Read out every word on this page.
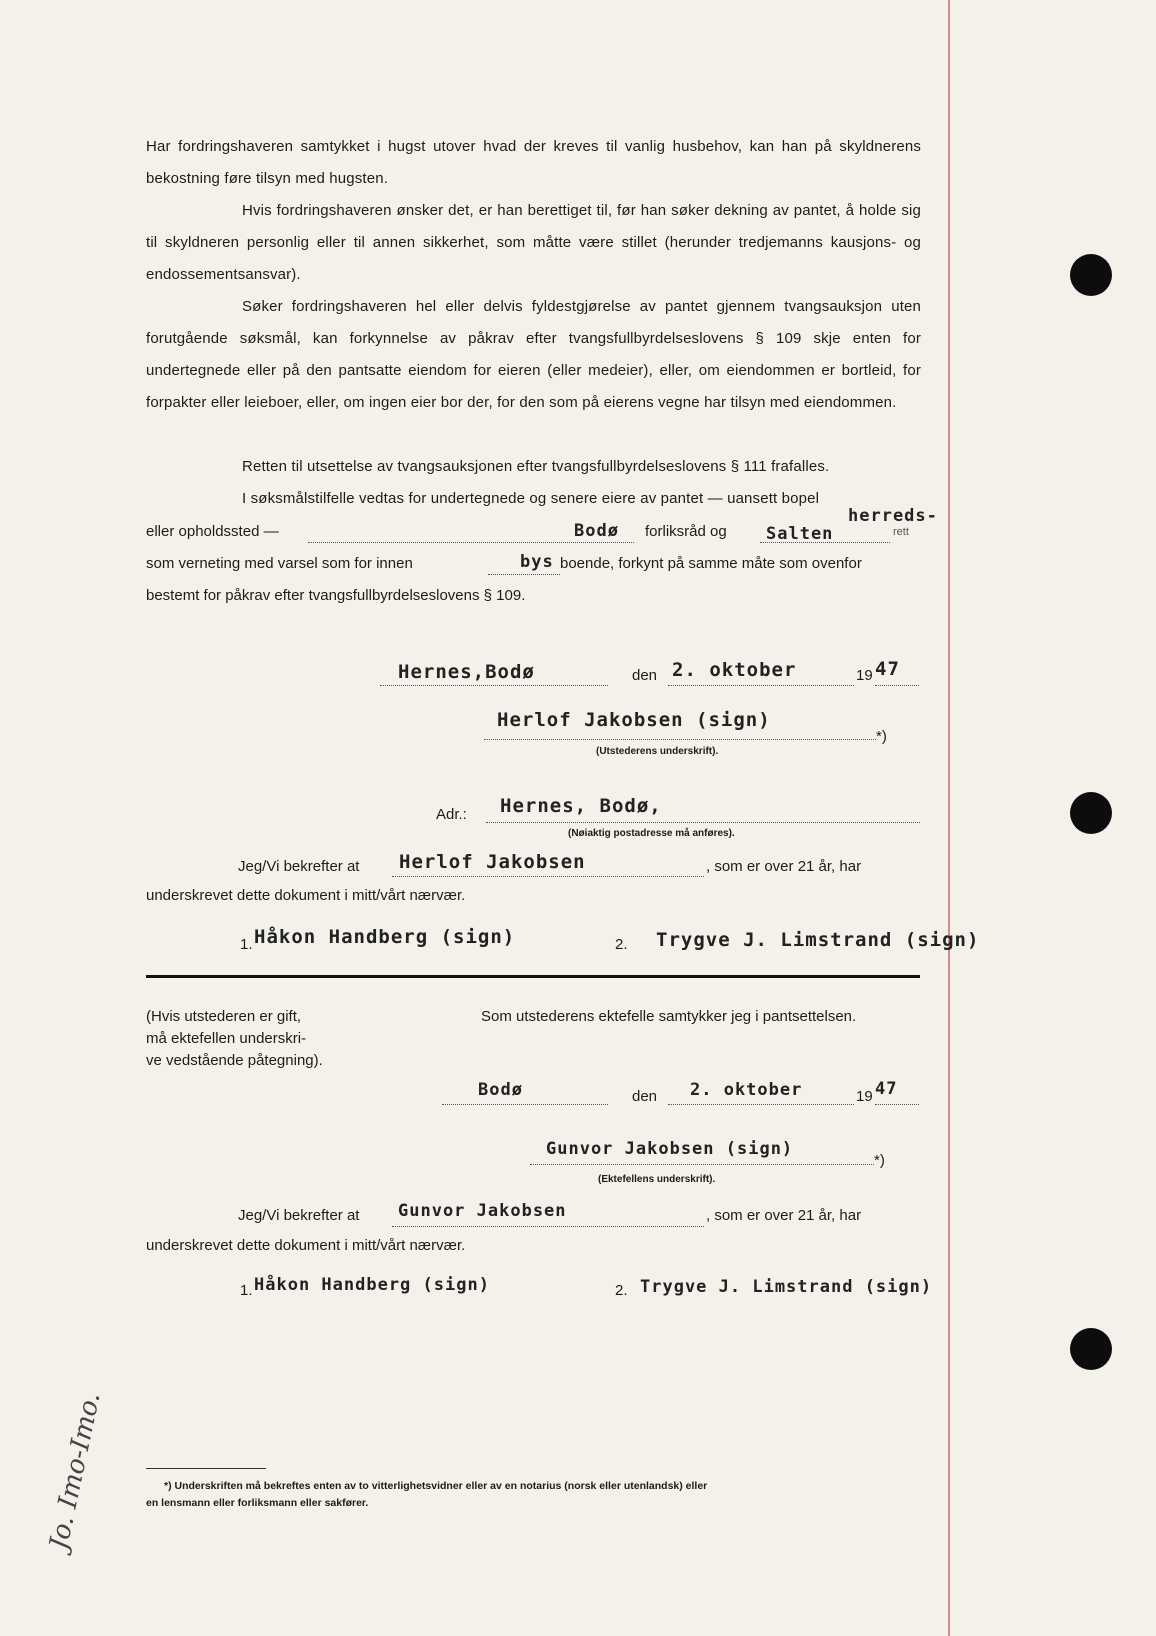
Har fordringshaveren samtykket i hugst utover hvad der kreves til vanlig husbehov, kan han på skyldnerens bekostning føre tilsyn med hugsten.
Hvis fordringshaveren ønsker det, er han berettiget til, før han søker dekning av pantet, å holde sig til skyldneren personlig eller til annen sikkerhet, som måtte være stillet (herunder tredjemanns kausjons- og endossementsansvar).
Søker fordringshaveren hel eller delvis fyldestgjørelse av pantet gjennem tvangsauksjon uten forutgående søksmål, kan forkynnelse av påkrav efter tvangsfullbyrdelseslovens § 109 skje enten for undertegnede eller på den pantsatte eiendom for eieren (eller medeier), eller, om eiendommen er bortleid, for forpakter eller leieboer, eller, om ingen eier bor der, for den som på eierens vegne har tilsyn med eiendommen.
Retten til utsettelse av tvangsauksjonen efter tvangsfullbyrdelseslovens § 111 frafalles.
I søksmålstilfelle vedtas for undertegnede og senere eiere av pantet — uansett bopel
eller opholdssted —	Bodø forliksråd og Salten
herreds-
rett
som verneting med varsel som for innen	bys boende, forkynt på samme måte som ovenfor
bestemt for påkrav efter tvangsfullbyrdelseslovens § 109.
Hernes,Bodø	den 2. oktober	19 47
Herlof Jakobsen (sign)
*)
(Utstederens underskrift).
Adr.: Hernes, Bodø,
(Nøiaktig postadresse må anføres).
Jeg/Vi bekrefter at Herlof Jakobsen	, som er over 21 år, har
underskrevet dette dokument i mitt/vårt nærvær.
1. Håkon Handberg (sign)	2. Trygve J. Limstrand (sign)
(Hvis utstederen er gift,
må ektefellen underskri-
ve vedstående påtegning).
Som utstederens ektefelle samtykker jeg i pantsettelsen.
Bodø	den 2. oktober	19 47
Gunvor Jakobsen (sign)
*)
(Ektefellens underskrift).
Jeg/Vi bekrefter at Gunvor Jakobsen	, som er over 21 år, har
underskrevet dette dokument i mitt/vårt nærvær.
1. Håkon Handberg (sign)	2. Trygve J. Limstrand (sign)
Jo. Imo-Imo.	*) Underskriften må bekreftes enten av to vitterlighetsvidner eller av en notarius (norsk eller utenlandsk) eller
en lensmann eller forliksmann eller sakfører.
